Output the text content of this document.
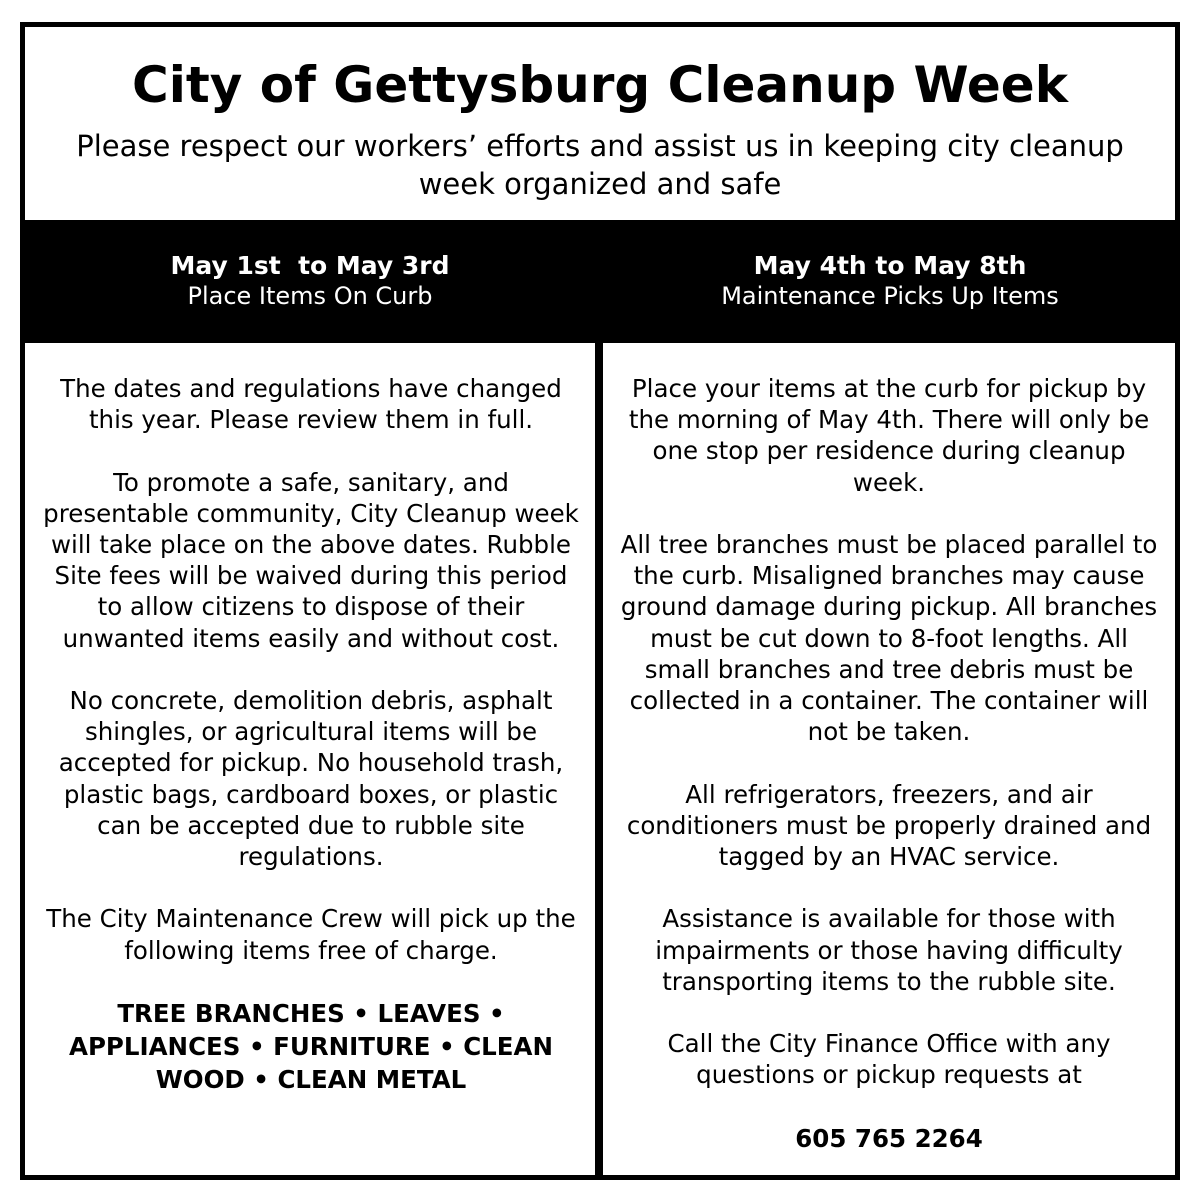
City of Gettysburg Cleanup Week

Please respect our workers’ efforts and assist us in keeping city cleanup week organized and safe

May 1st  to May 3rd
Place Items On Curb
May 4th to May 8th
Maintenance Picks Up Items

The dates and regulations have changed this year. Please review them in full.

To promote a safe, sanitary, and presentable community, City Cleanup week will take place on the above dates. Rubble Site fees will be waived during this period to allow citizens to dispose of their unwanted items easily and without cost.

No concrete, demolition debris, asphalt shingles, or agricultural items will be accepted for pickup. No household trash, plastic bags, cardboard boxes, or plastic can be accepted due to rubble site regulations.

The City Maintenance Crew will pick up the following items free of charge.

TREE BRANCHES • LEAVES • APPLIANCES • FURNITURE • CLEAN WOOD • CLEAN METAL

Place your items at the curb for pickup by the morning of May 4th. There will only be one stop per residence during cleanup week.

All tree branches must be placed parallel to the curb. Misaligned branches may cause ground damage during pickup. All branches must be cut down to 8-foot lengths. All small branches and tree debris must be collected in a container. The container will not be taken.

All refrigerators, freezers, and air conditioners must be properly drained and tagged by an HVAC service.

Assistance is available for those with impairments or those having difficulty transporting items to the rubble site.

Call the City Finance Office with any questions or pickup requests at

605 765 2264
